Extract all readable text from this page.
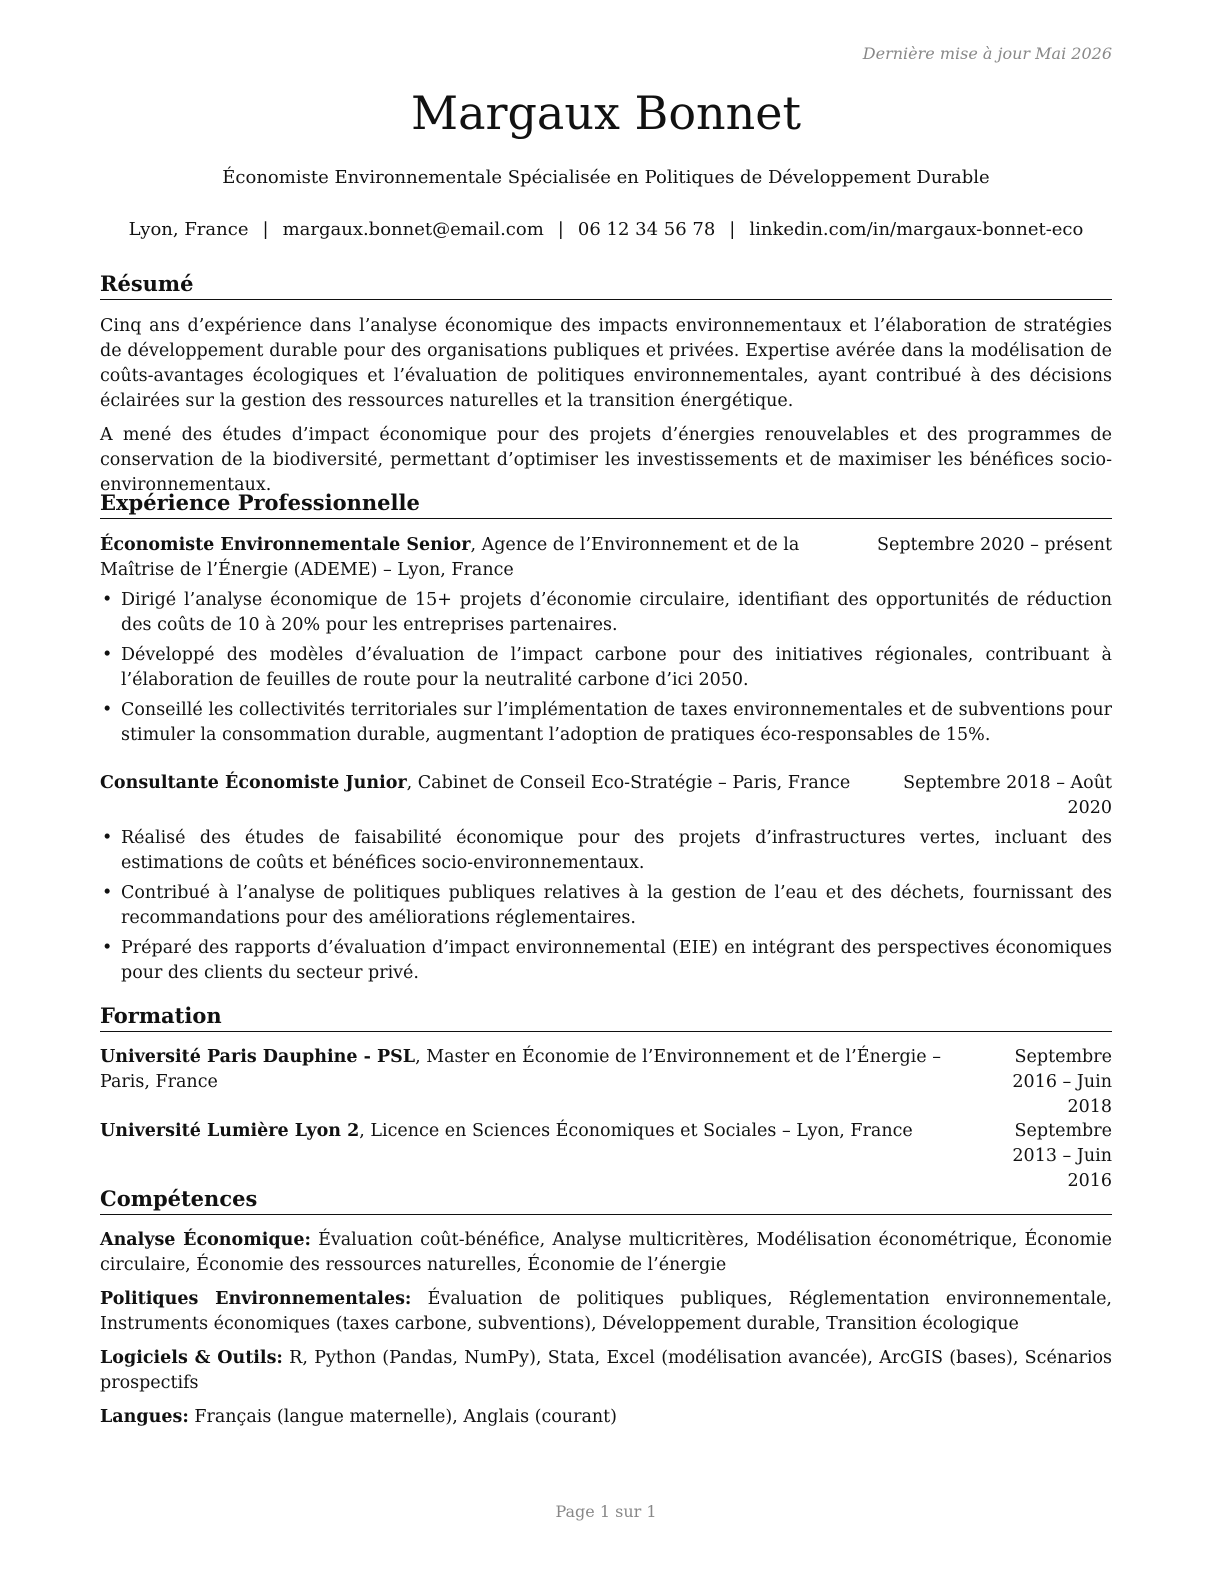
Dernière mise à jour Mai 2026
Margaux Bonnet
Économiste Environnementale Spécialisée en Politiques de Développement Durable
Lyon, France | margaux.bonnet@email.com | 06 12 34 56 78 | linkedin.com/in/margaux-bonnet-eco
Résumé
Cinq ans d’expérience dans l’analyse économique des impacts environnementaux et l’élaboration de stratégies de développement durable pour des organisations publiques et privées. Expertise avérée dans la modélisation de coûts-avantages écologiques et l’évaluation de politiques environnementales, ayant contribué à des décisions éclairées sur la gestion des ressources naturelles et la transition énergétique.
A mené des études d’impact économique pour des projets d’énergies renouvelables et des programmes de conservation de la biodiversité, permettant d’optimiser les investissements et de maximiser les bénéfices socio-environnementaux.
Expérience Professionnelle
Économiste Environnementale Senior, Agence de l’Environnement et de la Maîtrise de l’Énergie (ADEME) – Lyon, France
Septembre 2020 – présent
• Dirigé l’analyse économique de 15+ projets d’économie circulaire, identifiant des opportunités de réduction des coûts de 10 à 20% pour les entreprises partenaires.
• Développé des modèles d’évaluation de l’impact carbone pour des initiatives régionales, contribuant à l’élaboration de feuilles de route pour la neutralité carbone d’ici 2050.
• Conseillé les collectivités territoriales sur l’implémentation de taxes environnementales et de subventions pour stimuler la consommation durable, augmentant l’adoption de pratiques éco-responsables de 15%.
Consultante Économiste Junior, Cabinet de Conseil Eco-Stratégie – Paris, France	Septembre 2018 – Août 2020
• Réalisé des études de faisabilité économique pour des projets d’infrastructures vertes, incluant des estimations de coûts et bénéfices socio-environnementaux.
• Contribué à l’analyse de politiques publiques relatives à la gestion de l’eau et des déchets, fournissant des recommandations pour des améliorations réglementaires.
• Préparé des rapports d’évaluation d’impact environnemental (EIE) en intégrant des perspectives économiques pour des clients du secteur privé.
Formation
Université Paris Dauphine - PSL, Master en Économie de l’Environnement et de l’Énergie – Paris, France
Septembre 2016 – Juin 2018
Université Lumière Lyon 2, Licence en Sciences Économiques et Sociales – Lyon, France	Septembre 2013 – Juin 2016
Compétences
Analyse Économique: Évaluation coût-bénéfice, Analyse multicritères, Modélisation économétrique, Économie circulaire, Économie des ressources naturelles, Économie de l’énergie
Politiques Environnementales: Évaluation de politiques publiques, Réglementation environnementale, Instruments économiques (taxes carbone, subventions), Développement durable, Transition écologique
Logiciels & Outils: R, Python (Pandas, NumPy), Stata, Excel (modélisation avancée), ArcGIS (bases), Scénarios prospectifs
Langues: Français (langue maternelle), Anglais (courant)
Page 1 sur 1
